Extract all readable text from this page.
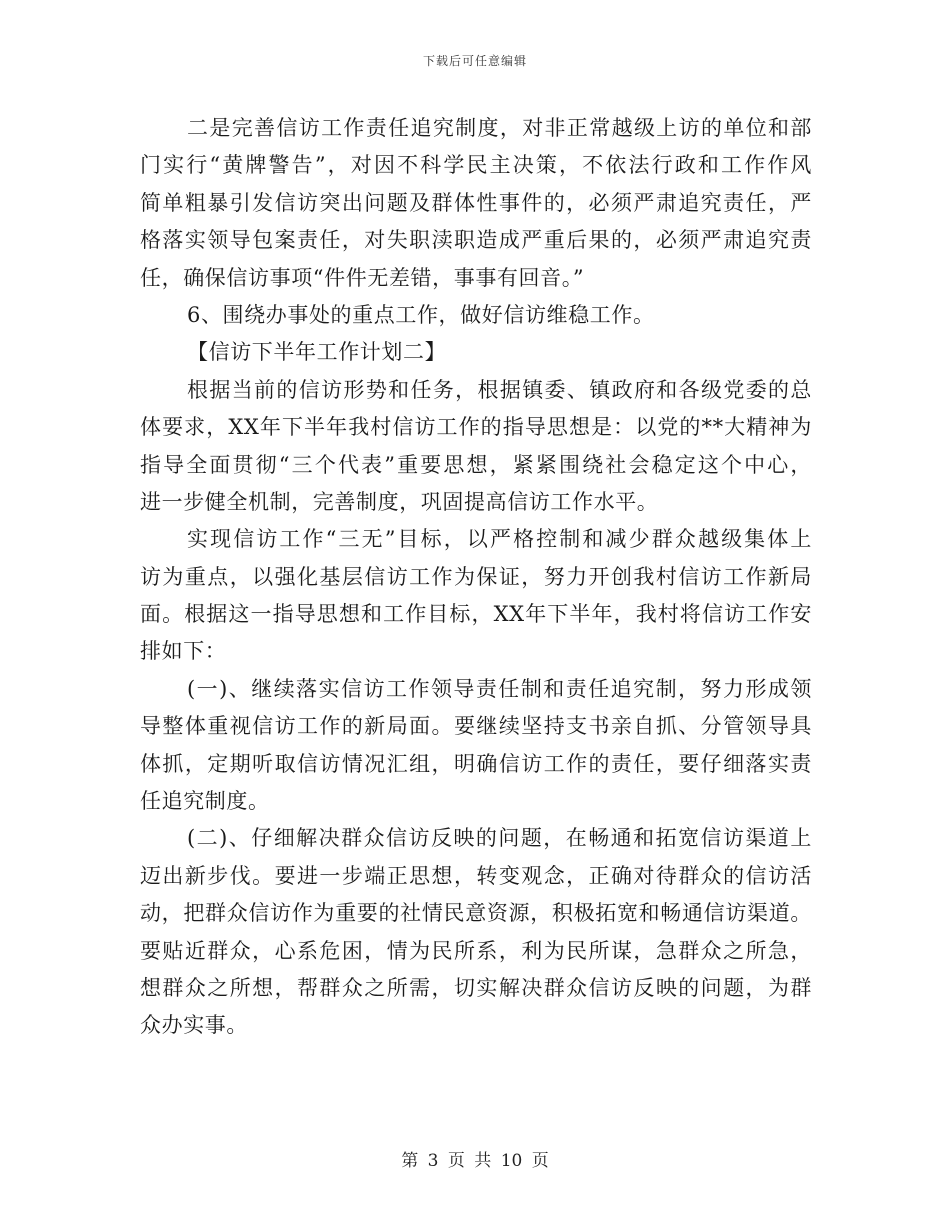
下载后可任意编辑
二是完善信访工作责任追究制度，对非正常越级上访的单位和部
门实行“黄牌警告”，对因不科学民主决策，不依法行政和工作作风
简单粗暴引发信访突出问题及群体性事件的，必须严肃追究责任，严
格落实领导包案责任，对失职渎职造成严重后果的，必须严肃追究责
任，确保信访事项“件件无差错，事事有回音。”
6、围绕办事处的重点工作，做好信访维稳工作。
【信访下半年工作计划二】
根据当前的信访形势和任务，根据镇委、镇政府和各级党委的总
体要求，XX年下半年我村信访工作的指导思想是：以党的**大精神为
指导全面贯彻“三个代表”重要思想，紧紧围绕社会稳定这个中心，
进一步健全机制，完善制度，巩固提高信访工作水平。
实现信访工作“三无”目标，以严格控制和减少群众越级集体上
访为重点，以强化基层信访工作为保证，努力开创我村信访工作新局
面。根据这一指导思想和工作目标，XX年下半年，我村将信访工作安
排如下：
(一)、继续落实信访工作领导责任制和责任追究制，努力形成领
导整体重视信访工作的新局面。要继续坚持支书亲自抓、分管领导具
体抓，定期听取信访情况汇组，明确信访工作的责任，要仔细落实责
任追究制度。
(二)、仔细解决群众信访反映的问题，在畅通和拓宽信访渠道上
迈出新步伐。要进一步端正思想，转变观念，正确对待群众的信访活
动，把群众信访作为重要的社情民意资源，积极拓宽和畅通信访渠道。
要贴近群众，心系危困，情为民所系，利为民所谋，急群众之所急，
想群众之所想，帮群众之所需，切实解决群众信访反映的问题，为群
众办实事。
第 3 页 共 10 页
